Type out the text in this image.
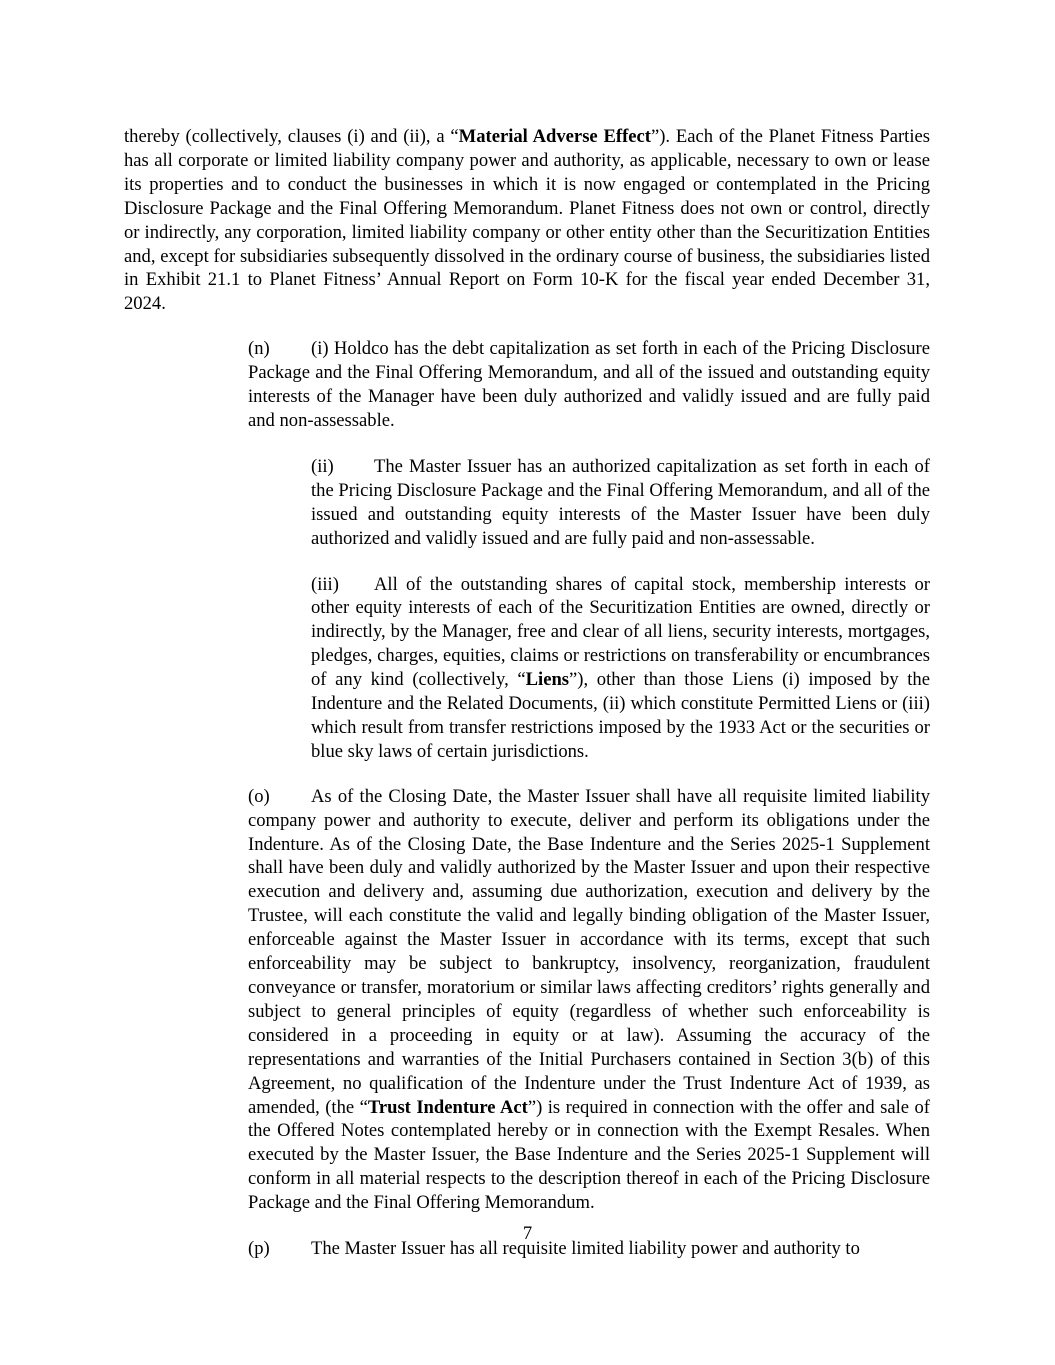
thereby (collectively, clauses (i) and (ii), a “Material Adverse Effect”). Each of the Planet Fitness Parties has all corporate or limited liability company power and authority, as applicable, necessary to own or lease its properties and to conduct the businesses in which it is now engaged or contemplated in the Pricing Disclosure Package and the Final Offering Memorandum. Planet Fitness does not own or control, directly or indirectly, any corporation, limited liability company or other entity other than the Securitization Entities and, except for subsidiaries subsequently dissolved in the ordinary course of business, the subsidiaries listed in Exhibit 21.1 to Planet Fitness’ Annual Report on Form 10-K for the fiscal year ended December 31, 2024.

(n) (i) Holdco has the debt capitalization as set forth in each of the Pricing Disclosure Package and the Final Offering Memorandum, and all of the issued and outstanding equity interests of the Manager have been duly authorized and validly issued and are fully paid and non-assessable.

(ii) The Master Issuer has an authorized capitalization as set forth in each of the Pricing Disclosure Package and the Final Offering Memorandum, and all of the issued and outstanding equity interests of the Master Issuer have been duly authorized and validly issued and are fully paid and non-assessable.

(iii) All of the outstanding shares of capital stock, membership interests or other equity interests of each of the Securitization Entities are owned, directly or indirectly, by the Manager, free and clear of all liens, security interests, mortgages, pledges, charges, equities, claims or restrictions on transferability or encumbrances of any kind (collectively, “Liens”), other than those Liens (i) imposed by the Indenture and the Related Documents, (ii) which constitute Permitted Liens or (iii) which result from transfer restrictions imposed by the 1933 Act or the securities or blue sky laws of certain jurisdictions.

(o) As of the Closing Date, the Master Issuer shall have all requisite limited liability company power and authority to execute, deliver and perform its obligations under the Indenture. As of the Closing Date, the Base Indenture and the Series 2025-1 Supplement shall have been duly and validly authorized by the Master Issuer and upon their respective execution and delivery and, assuming due authorization, execution and delivery by the Trustee, will each constitute the valid and legally binding obligation of the Master Issuer, enforceable against the Master Issuer in accordance with its terms, except that such enforceability may be subject to bankruptcy, insolvency, reorganization, fraudulent conveyance or transfer, moratorium or similar laws affecting creditors’ rights generally and subject to general principles of equity (regardless of whether such enforceability is considered in a proceeding in equity or at law). Assuming the accuracy of the representations and warranties of the Initial Purchasers contained in Section 3(b) of this Agreement, no qualification of the Indenture under the Trust Indenture Act of 1939, as amended, (the “Trust Indenture Act”) is required in connection with the offer and sale of the Offered Notes contemplated hereby or in connection with the Exempt Resales. When executed by the Master Issuer, the Base Indenture and the Series 2025-1 Supplement will conform in all material respects to the description thereof in each of the Pricing Disclosure Package and the Final Offering Memorandum.

(p) The Master Issuer has all requisite limited liability power and authority to

7
